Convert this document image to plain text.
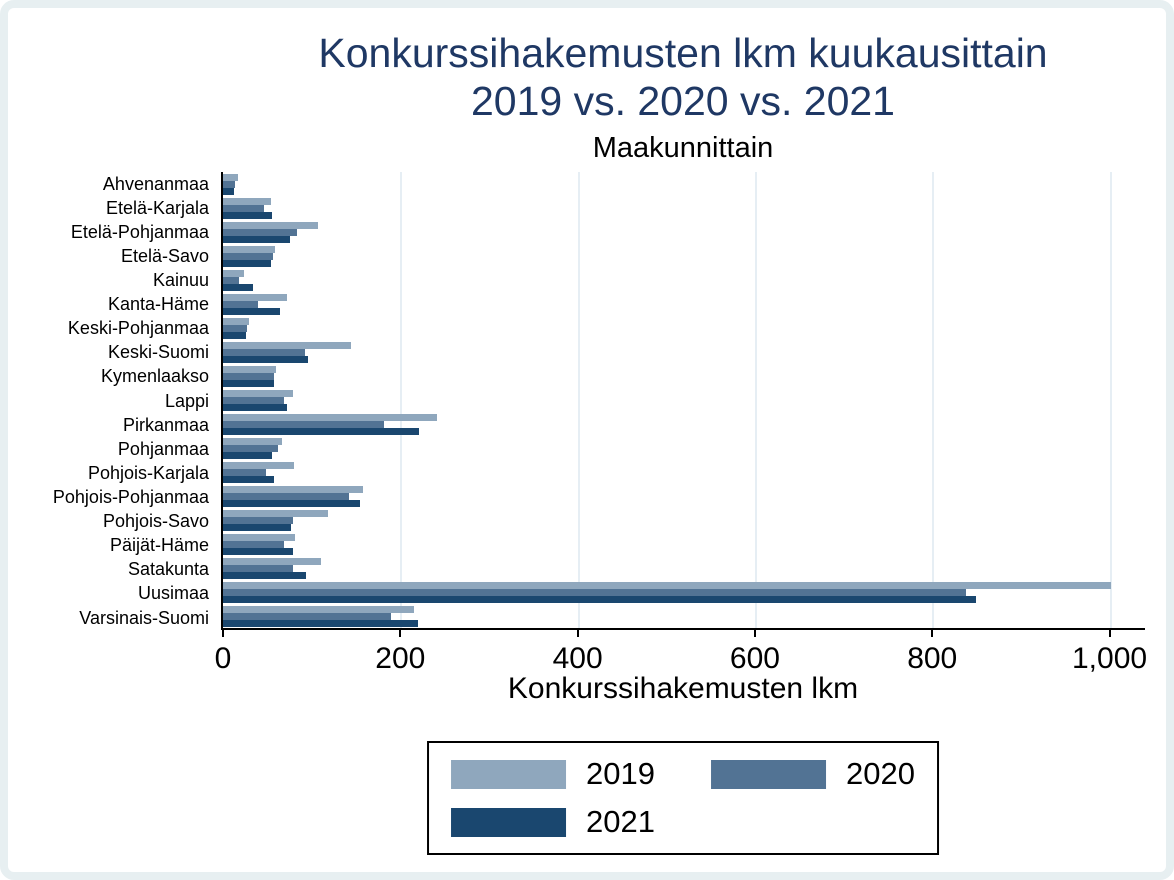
Konkurssihakemusten lkm kuukausittain
2019 vs. 2020 vs. 2021
Maakunnittain
Ahvenanmaa
Etelä-Karjala
Etelä-Pohjanmaa
Etelä-Savo
Kainuu
Kanta-Häme
Keski-Pohjanmaa
Keski-Suomi
Kymenlaakso
Lappi
Pirkanmaa
Pohjanmaa
Pohjois-Karjala
Pohjois-Pohjanmaa
Pohjois-Savo
Päijät-Häme
Satakunta
Uusimaa
Varsinais-Suomi
0	200	400	600	800	1,000
Konkurssihakemusten lkm
2019	2020
2021
